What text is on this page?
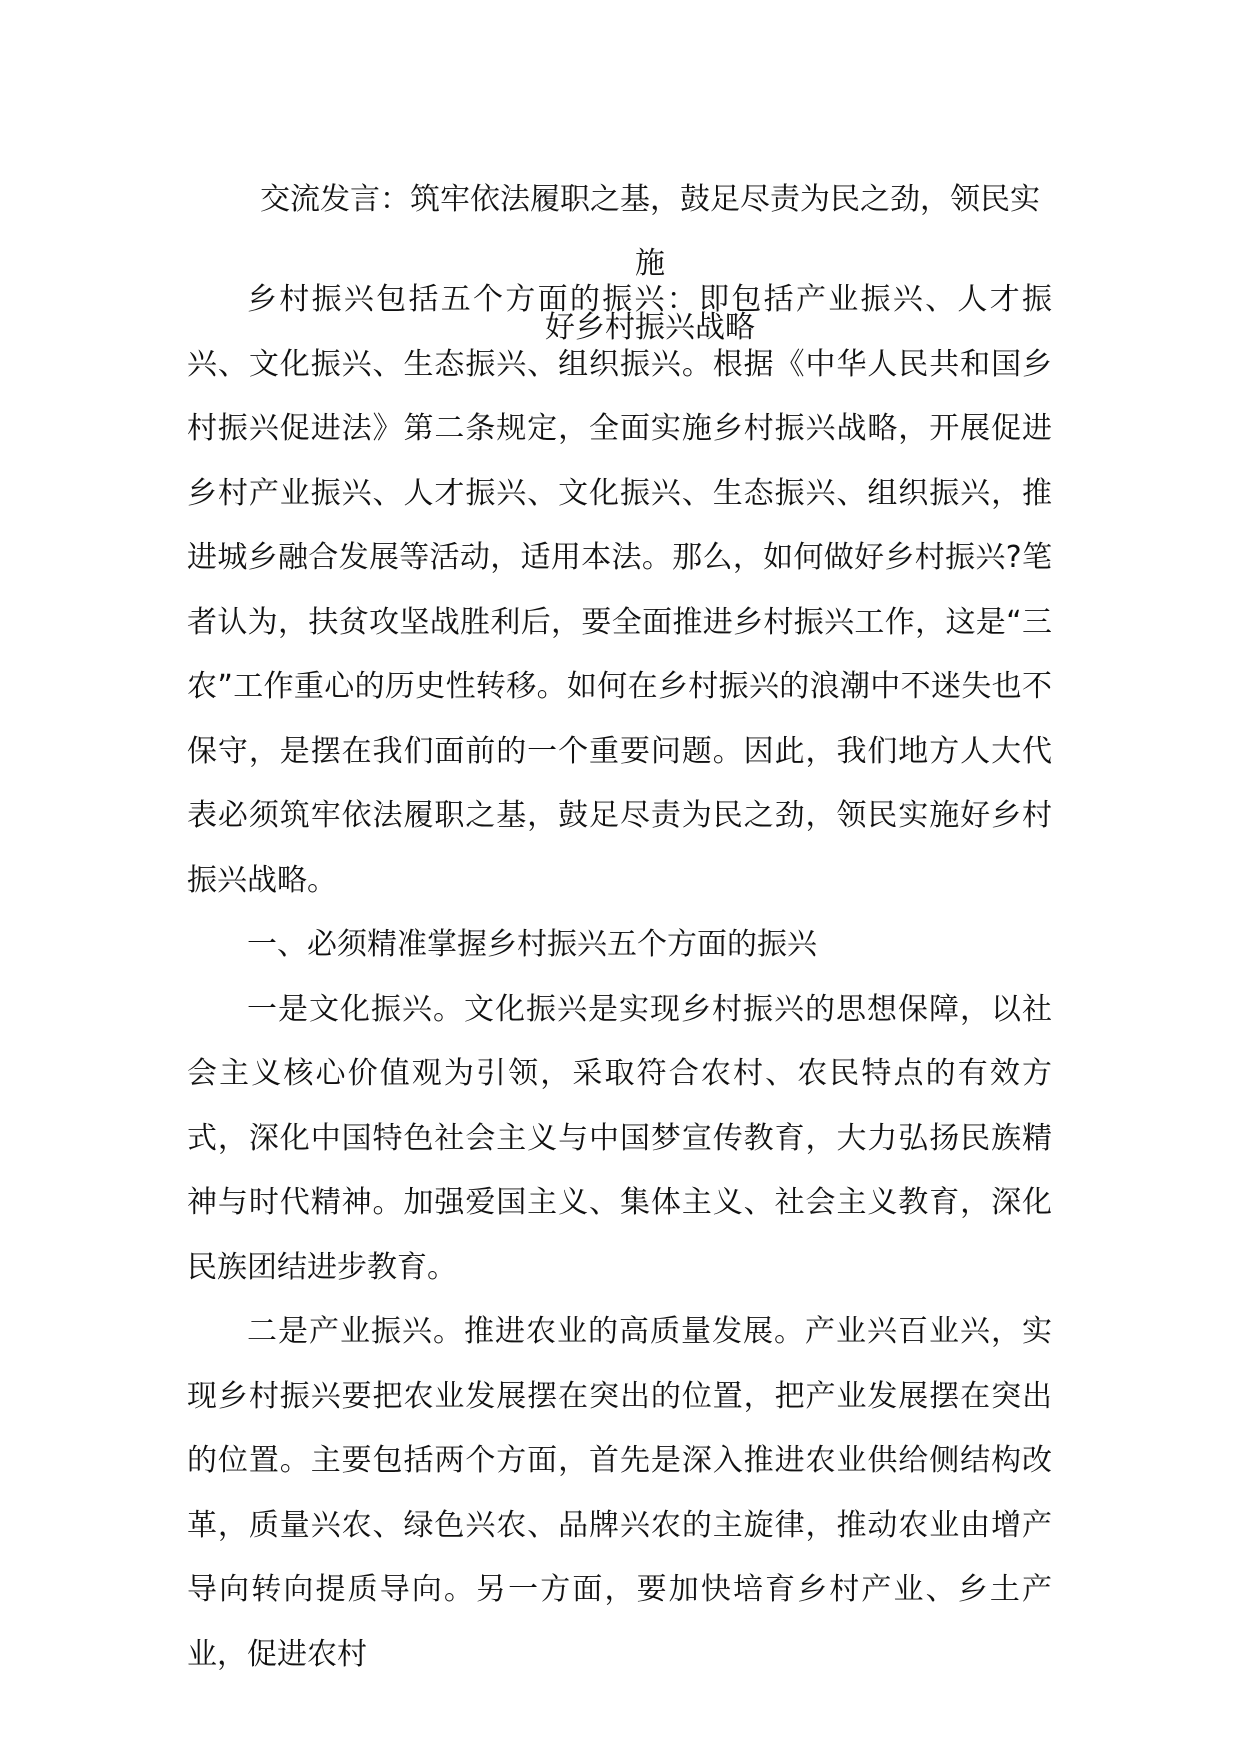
交流发言：筑牢依法履职之基，鼓足尽责为民之劲，领民实施
好乡村振兴战略

乡村振兴包括五个方面的振兴：即包括产业振兴、人才振兴、文化振兴、生态振兴、组织振兴。根据《中华人民共和国乡村振兴促进法》第二条规定，全面实施乡村振兴战略，开展促进乡村产业振兴、人才振兴、文化振兴、生态振兴、组织振兴，推进城乡融合发展等活动，适用本法。那么，如何做好乡村振兴?笔者认为，扶贫攻坚战胜利后，要全面推进乡村振兴工作，这是“三农”工作重心的历史性转移。如何在乡村振兴的浪潮中不迷失也不保守，是摆在我们面前的一个重要问题。因此，我们地方人大代表必须筑牢依法履职之基，鼓足尽责为民之劲，领民实施好乡村振兴战略。

一、必须精准掌握乡村振兴五个方面的振兴

一是文化振兴。文化振兴是实现乡村振兴的思想保障，以社会主义核心价值观为引领，采取符合农村、农民特点的有效方式，深化中国特色社会主义与中国梦宣传教育，大力弘扬民族精神与时代精神。加强爱国主义、集体主义、社会主义教育，深化民族团结进步教育。

二是产业振兴。推进农业的高质量发展。产业兴百业兴，实现乡村振兴要把农业发展摆在突出的位置，把产业发展摆在突出的位置。主要包括两个方面，首先是深入推进农业供给侧结构改革，质量兴农、绿色兴农、品牌兴农的主旋律，推动农业由增产导向转向提质导向。另一方面，要加快培育乡村产业、乡土产业，促进农村
